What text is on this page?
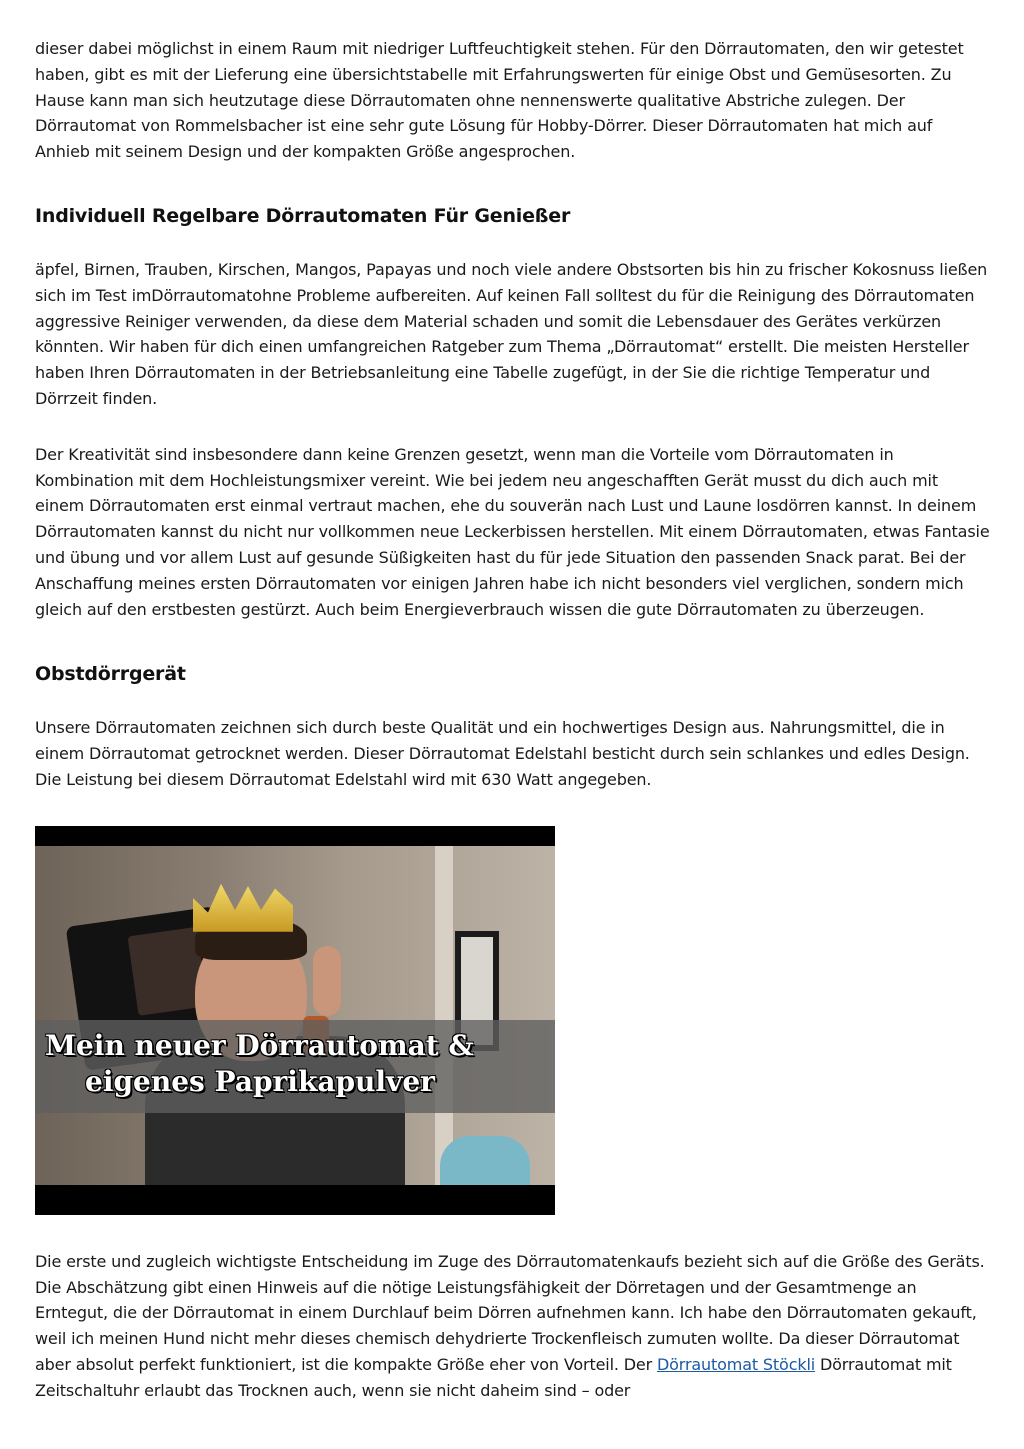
dieser dabei möglichst in einem Raum mit niedriger Luftfeuchtigkeit stehen. Für den Dörrautomaten, den wir getestet haben, gibt es mit der Lieferung eine übersichtstabelle mit Erfahrungswerten für einige Obst und Gemüsesorten. Zu Hause kann man sich heutzutage diese Dörrautomaten ohne nennenswerte qualitative Abstriche zulegen. Der Dörrautomat von Rommelsbacher ist eine sehr gute Lösung für Hobby-Dörrer. Dieser Dörrautomaten hat mich auf Anhieb mit seinem Design und der kompakten Größe angesprochen.

Individuell Regelbare Dörrautomaten Für Genießer

äpfel, Birnen, Trauben, Kirschen, Mangos, Papayas und noch viele andere Obstsorten bis hin zu frischer Kokosnuss ließen sich im Test imDörrautomatohne Probleme aufbereiten. Auf keinen Fall solltest du für die Reinigung des Dörrautomaten aggressive Reiniger verwenden, da diese dem Material schaden und somit die Lebensdauer des Gerätes verkürzen könnten. Wir haben für dich einen umfangreichen Ratgeber zum Thema „Dörrautomat“ erstellt. Die meisten Hersteller haben Ihren Dörrautomaten in der Betriebsanleitung eine Tabelle zugefügt, in der Sie die richtige Temperatur und Dörrzeit finden.

Der Kreativität sind insbesondere dann keine Grenzen gesetzt, wenn man die Vorteile vom Dörrautomaten in Kombination mit dem Hochleistungsmixer vereint. Wie bei jedem neu angeschafften Gerät musst du dich auch mit einem Dörrautomaten erst einmal vertraut machen, ehe du souverän nach Lust und Laune losdörren kannst. In deinem Dörrautomaten kannst du nicht nur vollkommen neue Leckerbissen herstellen. Mit einem Dörrautomaten, etwas Fantasie und übung und vor allem Lust auf gesunde Süßigkeiten hast du für jede Situation den passenden Snack parat. Bei der Anschaffung meines ersten Dörrautomaten vor einigen Jahren habe ich nicht besonders viel verglichen, sondern mich gleich auf den erstbesten gestürzt. Auch beim Energieverbrauch wissen die gute Dörrautomaten zu überzeugen.

Obstdörrgerät

Unsere Dörrautomaten zeichnen sich durch beste Qualität und ein hochwertiges Design aus. Nahrungsmittel, die in einem Dörrautomat getrocknet werden. Dieser Dörrautomat Edelstahl besticht durch sein schlankes und edles Design. Die Leistung bei diesem Dörrautomat Edelstahl wird mit 630 Watt angegeben.

Mein neuer Dörrautomat &
eigenes Paprikapulver

Die erste und zugleich wichtigste Entscheidung im Zuge des Dörrautomatenkaufs bezieht sich auf die Größe des Geräts. Die Abschätzung gibt einen Hinweis auf die nötige Leistungsfähigkeit der Dörretagen und der Gesamtmenge an Erntegut, die der Dörrautomat in einem Durchlauf beim Dörren aufnehmen kann. Ich habe den Dörrautomaten gekauft, weil ich meinen Hund nicht mehr dieses chemisch dehydrierte Trockenfleisch zumuten wollte. Da dieser Dörrautomat aber absolut perfekt funktioniert, ist die kompakte Größe eher von Vorteil. Der Dörrautomat Stöckli Dörrautomat mit Zeitschaltuhr erlaubt das Trocknen auch, wenn sie nicht daheim sind – oder
